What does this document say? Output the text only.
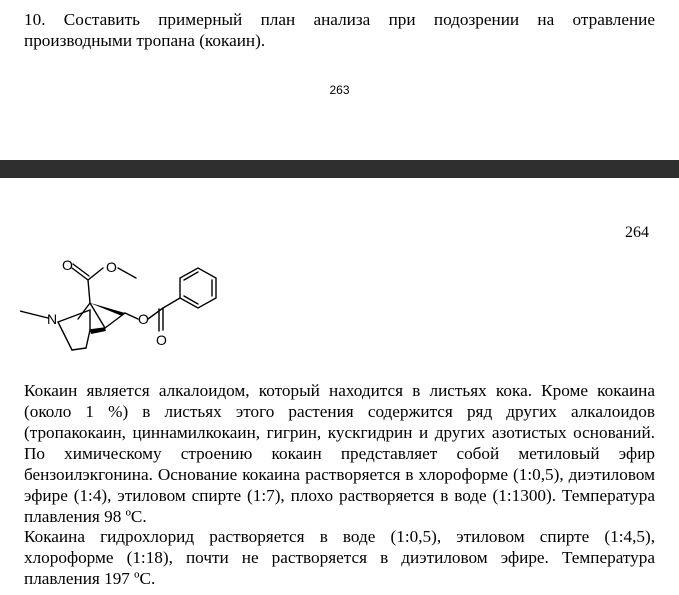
10. Составить примерный план анализа при подозрении на отравление производными тропана (кокаин).
263
264
O O
N	O
O
Кокаин является алкалоидом, который находится в листьях кока. Кроме кокаина (около 1 %) в листьях этого растения содержится ряд других алкалоидов (тропакокаин, циннамилкокаин, гигрин, кускгидрин и других азотистых оснований. По химическому строению кокаин представляет собой метиловый эфир бензоилэкгонина. Основание кокаина растворяется в хлороформе (1:0,5), диэтиловом эфире (1:4), этиловом спирте (1:7), плохо растворяется в воде (1:1300). Температура плавления 98 ºС.
Кокаина гидрохлорид растворяется в воде (1:0,5), этиловом спирте (1:4,5), хлороформе (1:18), почти не растворяется в диэтиловом эфире. Температура плавления 197 ºС.
